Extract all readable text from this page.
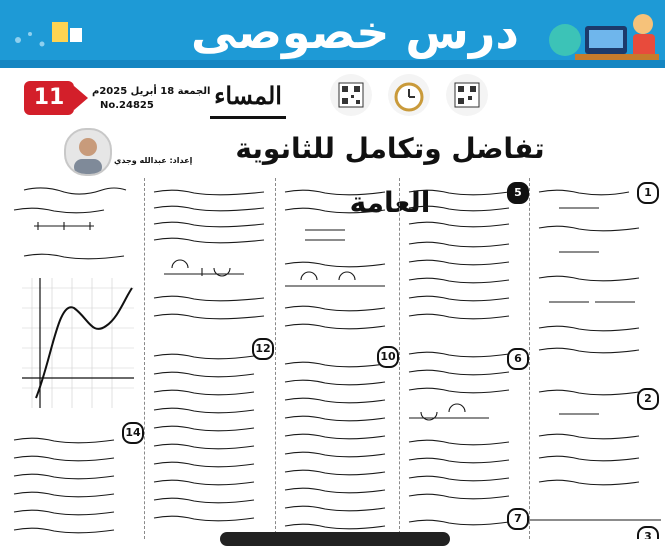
درس خصوصى
11	الجمعة 18 أبريل 2025م
No.24825	المساء
إعداد: عبدالله وجدي	تفاضل وتكامل للثانوية العامة
14
12
10
5
6
7
1
2
3
